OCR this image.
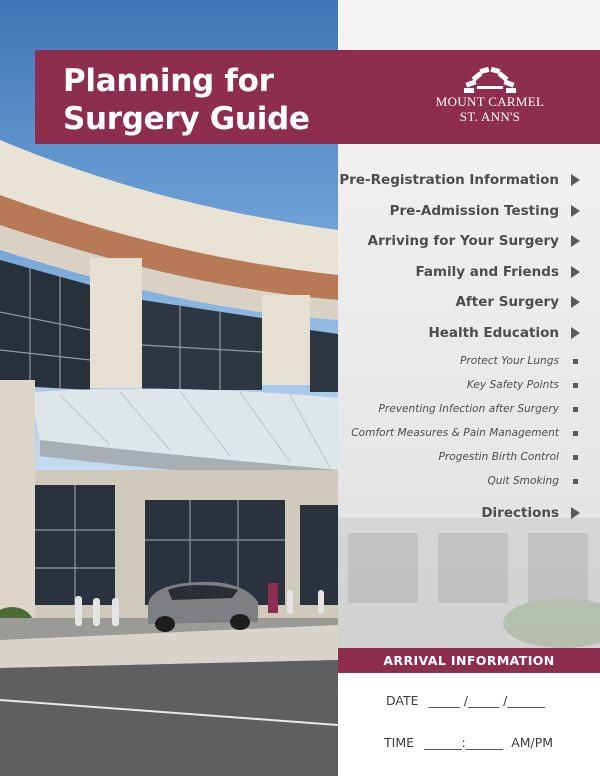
Planning for
Surgery Guide	MOUNT CARMEL
ST. ANN'S
Pre-Registration Information
Pre-Admission Testing
Arriving for Your Surgery
Family and Friends
After Surgery
Health Education
Protect Your Lungs
Key Safety Points
Preventing Infection after Surgery
Comfort Measures & Pain Management
Progestin Birth Control
Quit Smoking
Directions
ARRIVAL INFORMATION
DATE _____ /_____ /______
TIME ______:______ AM/PM
